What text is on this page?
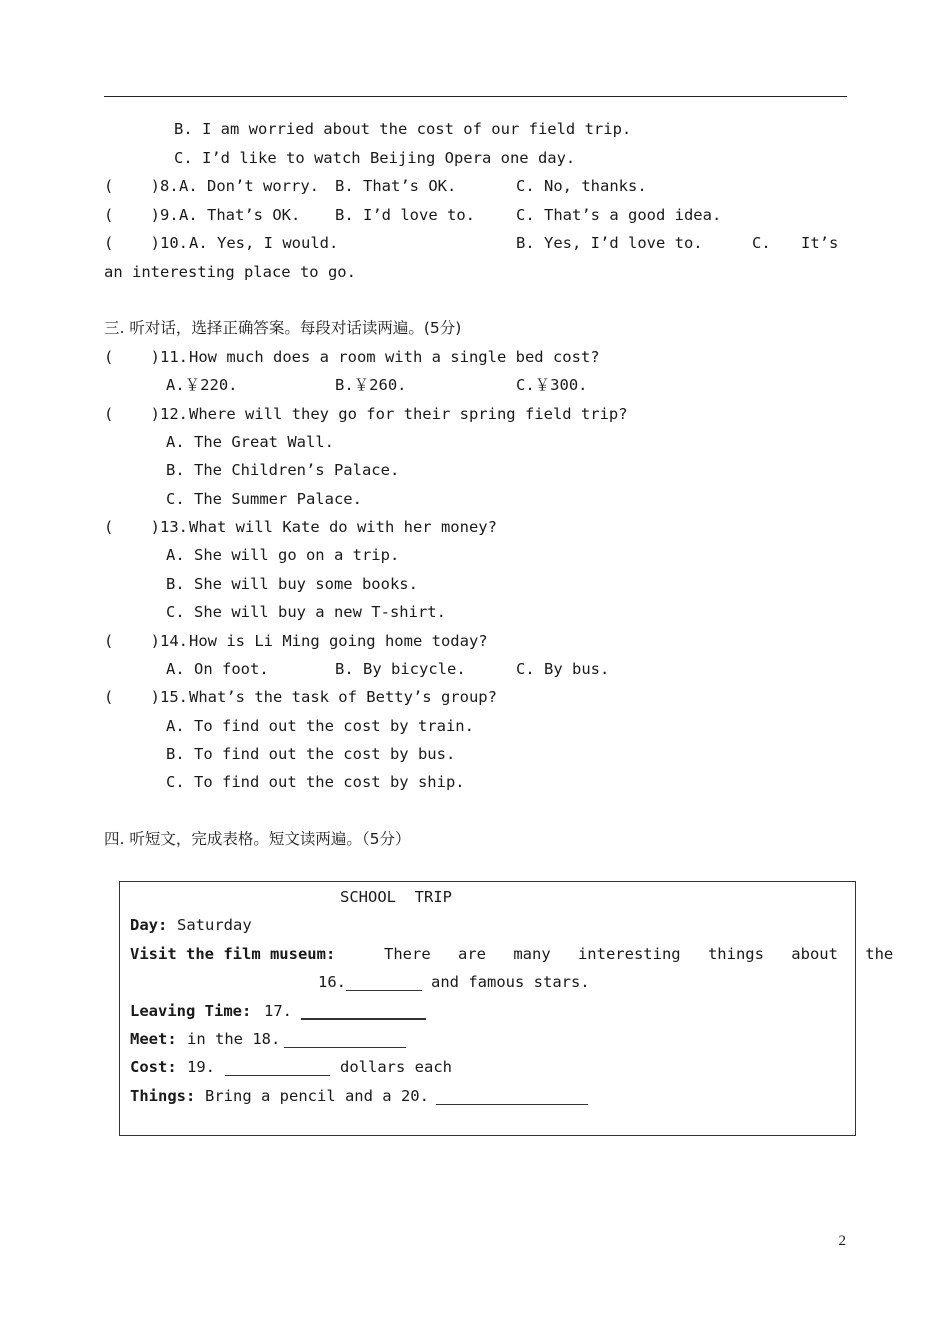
B. I am worried about the cost of our field trip.
C. I’d like to watch Beijing Opera one day.
(    )8. A. Don’t worry. B. That’s OK.	C. No, thanks.
(    )9. A. That’s OK. B. I’d love to.	C. That’s a good idea.
(    )10. A. Yes, I would.	B. Yes, I’d love to.	C. It’s
an interesting place to go.
三. 听对话，选择正确答案。每段对话读两遍。(5分)
(    )11. How much does a room with a single bed cost?
A.￥220.	B.￥260.	C.￥300.
(    )12. Where will they go for their spring field trip?
A. The Great Wall.
B. The Children’s Palace.
C. The Summer Palace.
(    )13. What will Kate do with her money?
A. She will go on a trip.
B. She will buy some books.
C. She will buy a new T-shirt.
(    )14. How is Li Ming going home today?
A. On foot.	B. By bicycle.	C. By bus.
(    )15. What’s the task of Betty’s group?
A. To find out the cost by train.
B. To find out the cost by bus.
C. To find out the cost by ship.
四. 听短文，完成表格。短文读两遍。（5分）
SCHOOL  TRIP
Day: Saturday
Visit the film museum:	There are many interesting things about the
16.	and famous stars.
Leaving Time: 17.
Meet: in the 18.
Cost: 19.	dollars each
Things: Bring a pencil and a 20.
2
